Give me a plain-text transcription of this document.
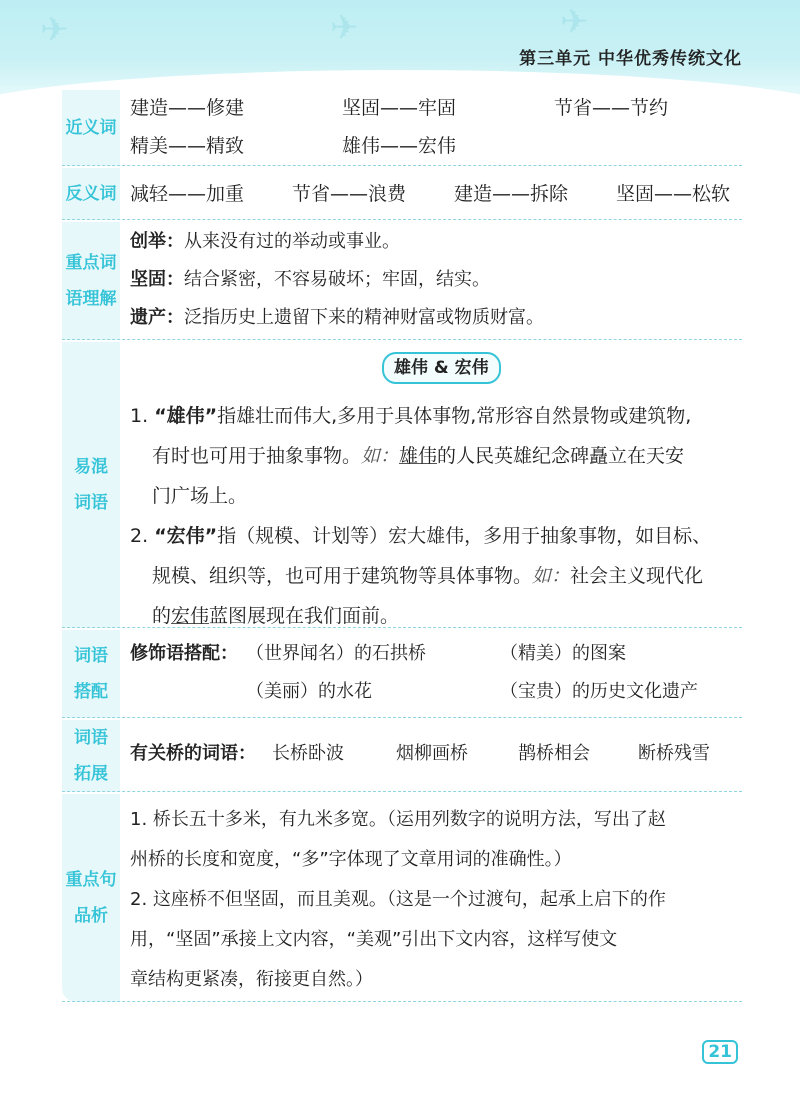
✈	✈	✈
第三单元 中华优秀传统文化
近义词
建造——修建	坚固——牢固	节省——节约
精美——精致	雄伟——宏伟
反义词 减轻——加重	节省——浪费	建造——拆除	坚固——松软
重点词
语理解
创举：从来没有过的举动或事业。
坚固：结合紧密，不容易破坏；牢固，结实。
遗产：泛指历史上遗留下来的精神财富或物质财富。
易混
词语
雄伟 & 宏伟
1. “雄伟”指雄壮而伟大,多用于具体事物,常形容自然景物或建筑物,
有时也可用于抽象事物。如：雄伟的人民英雄纪念碑矗立在天安
门广场上。
2. “宏伟”指（规模、计划等）宏大雄伟，多用于抽象事物，如目标、
规模、组织等，也可用于建筑物等具体事物。如：社会主义现代化
的宏伟蓝图展现在我们面前。
词语
搭配
修饰语搭配： （世界闻名）的石拱桥	（精美）的图案
（美丽）的水花	（宝贵）的历史文化遗产
词语
拓展
有关桥的词语： 长桥卧波	烟柳画桥	鹊桥相会	断桥残雪
重点句
品析
1. 桥长五十多米，有九米多宽。（运用列数字的说明方法，写出了赵
州桥的长度和宽度，“多”字体现了文章用词的准确性。）
2. 这座桥不但坚固，而且美观。（这是一个过渡句，起承上启下的作
用，“坚固”承接上文内容，“美观”引出下文内容，这样写使文
章结构更紧凑，衔接更自然。）
21
